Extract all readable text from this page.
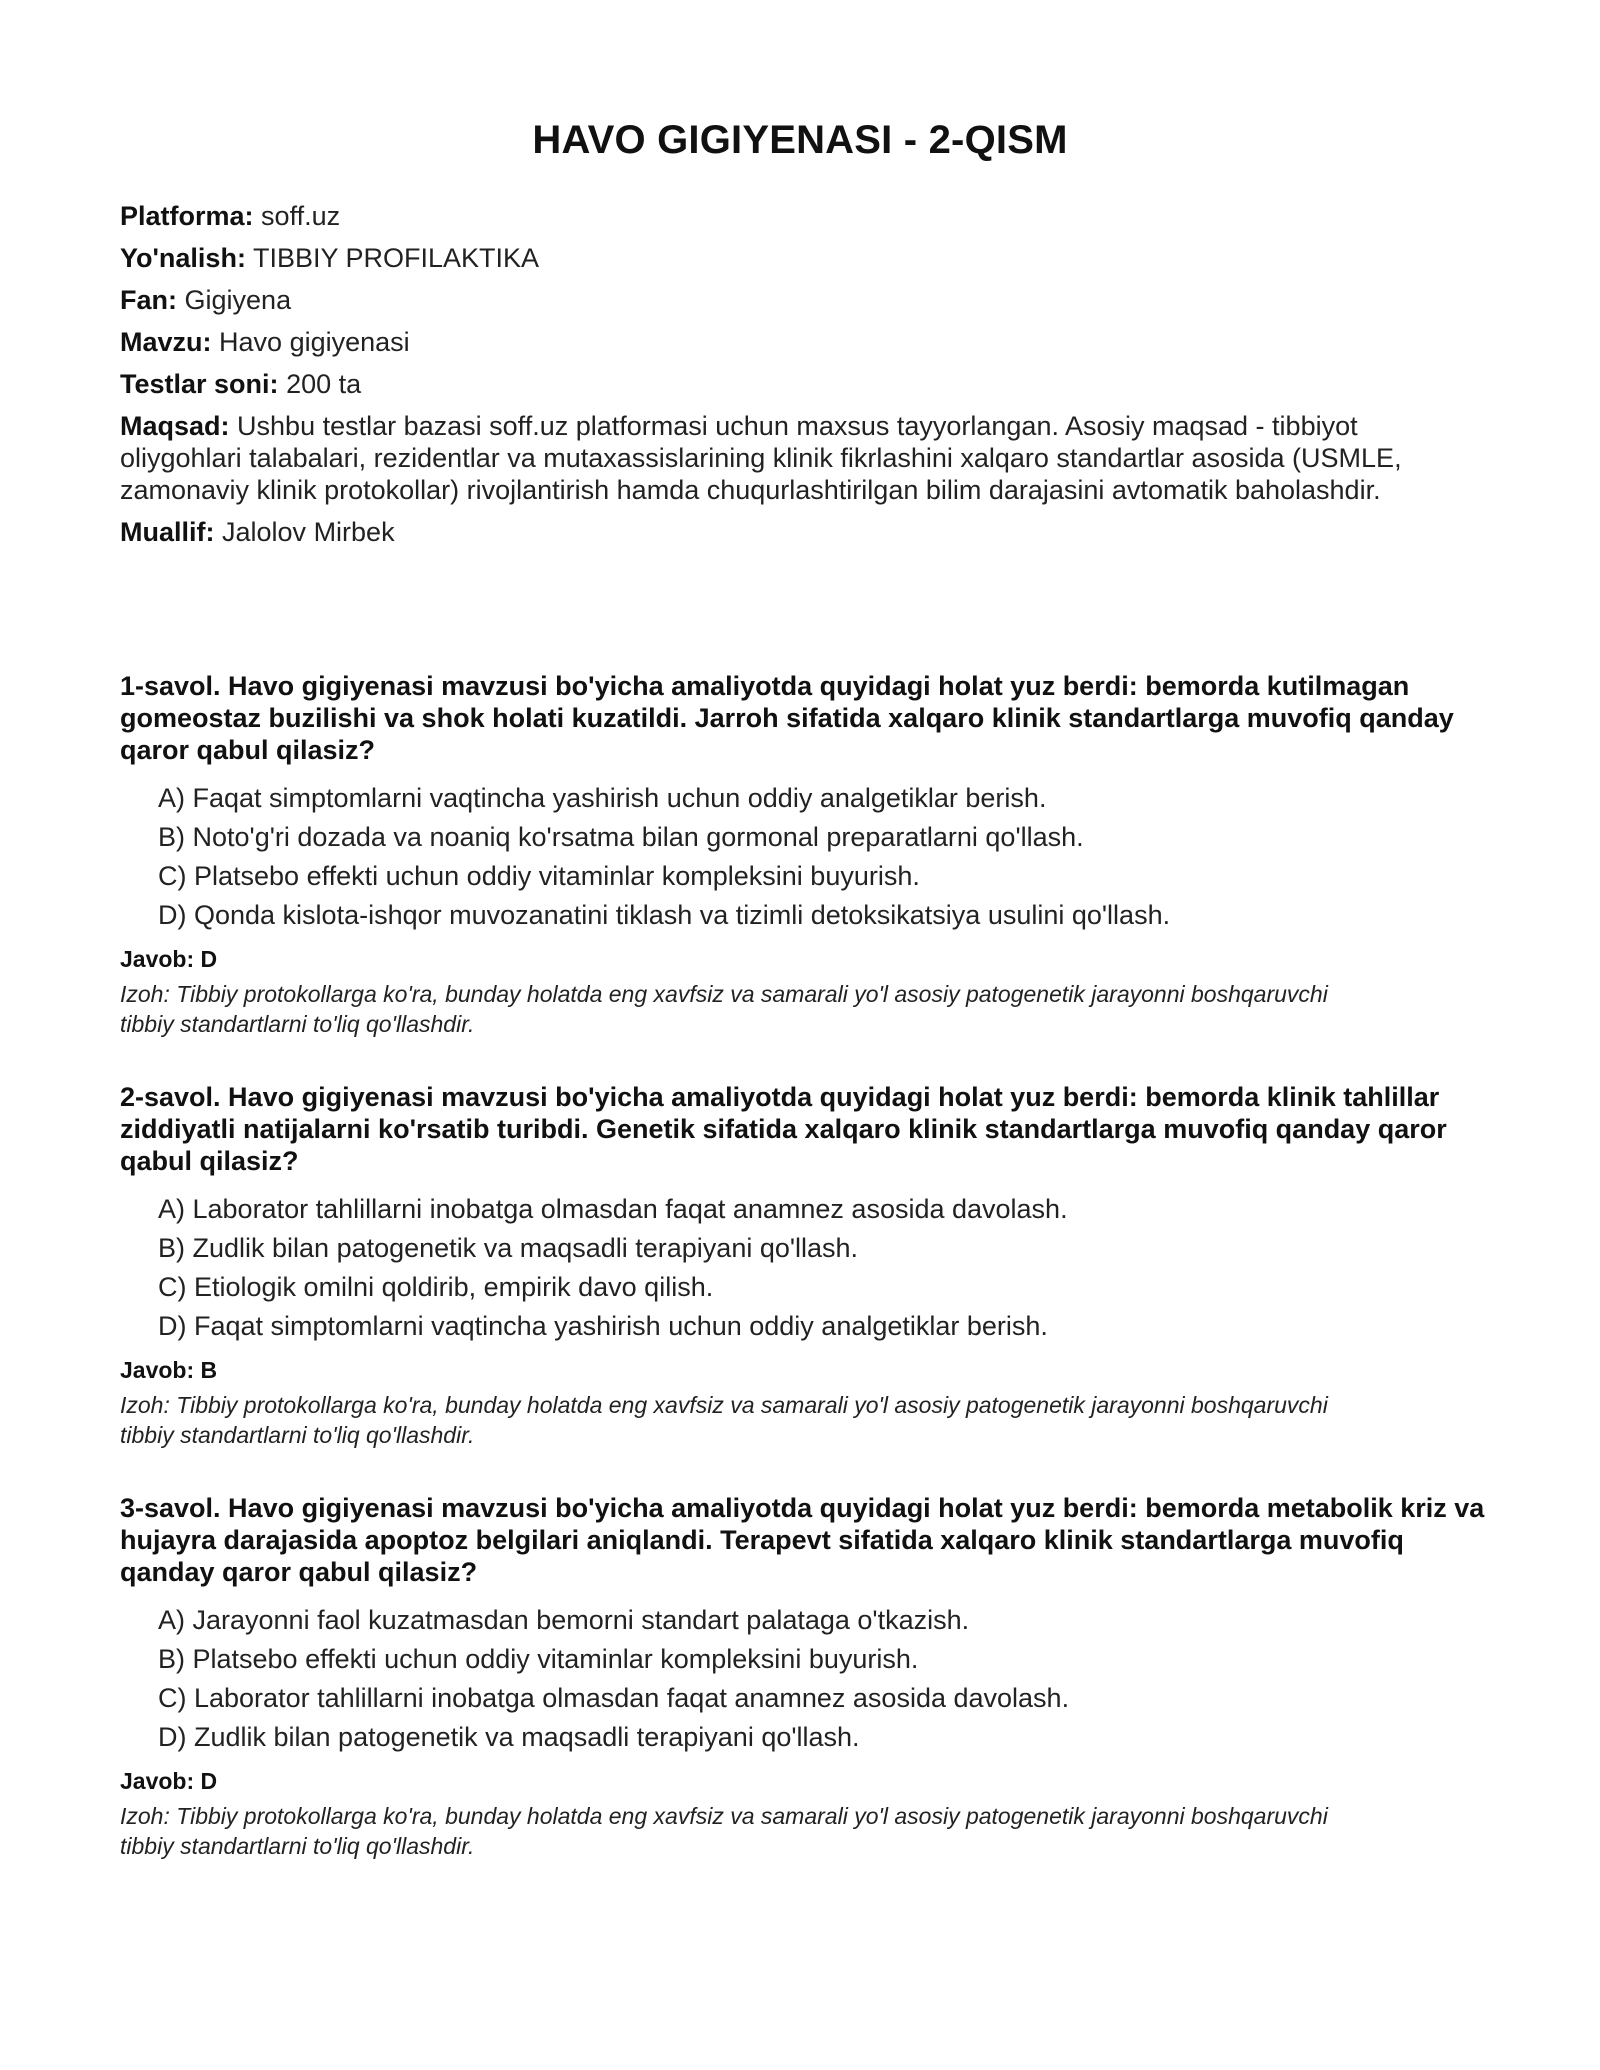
HAVO GIGIYENASI - 2-QISM

Platforma: soff.uz

Yo'nalish: TIBBIY PROFILAKTIKA

Fan: Gigiyena

Mavzu: Havo gigiyenasi

Testlar soni: 200 ta

Maqsad: Ushbu testlar bazasi soff.uz platformasi uchun maxsus tayyorlangan. Asosiy maqsad - tibbiyot oliygohlari talabalari, rezidentlar va mutaxassislarining klinik fikrlashini xalqaro standartlar asosida (USMLE, zamonaviy klinik protokollar) rivojlantirish hamda chuqurlashtirilgan bilim darajasini avtomatik baholashdir.

Muallif: Jalolov Mirbek

1-savol. Havo gigiyenasi mavzusi bo'yicha amaliyotda quyidagi holat yuz berdi: bemorda kutilmagan gomeostaz buzilishi va shok holati kuzatildi. Jarroh sifatida xalqaro klinik standartlarga muvofiq qanday qaror qabul qilasiz?

A) Faqat simptomlarni vaqtincha yashirish uchun oddiy analgetiklar berish.
B) Noto'g'ri dozada va noaniq ko'rsatma bilan gormonal preparatlarni qo'llash.
C) Platsebo effekti uchun oddiy vitaminlar kompleksini buyurish.
D) Qonda kislota-ishqor muvozanatini tiklash va tizimli detoksikatsiya usulini qo'llash.

Javob: D

Izoh: Tibbiy protokollarga ko'ra, bunday holatda eng xavfsiz va samarali yo'l asosiy patogenetik jarayonni boshqaruvchi tibbiy standartlarni to'liq qo'llashdir.

2-savol. Havo gigiyenasi mavzusi bo'yicha amaliyotda quyidagi holat yuz berdi: bemorda klinik tahlillar ziddiyatli natijalarni ko'rsatib turibdi. Genetik sifatida xalqaro klinik standartlarga muvofiq qanday qaror qabul qilasiz?

A) Laborator tahlillarni inobatga olmasdan faqat anamnez asosida davolash.
B) Zudlik bilan patogenetik va maqsadli terapiyani qo'llash.
C) Etiologik omilni qoldirib, empirik davo qilish.
D) Faqat simptomlarni vaqtincha yashirish uchun oddiy analgetiklar berish.

Javob: B

Izoh: Tibbiy protokollarga ko'ra, bunday holatda eng xavfsiz va samarali yo'l asosiy patogenetik jarayonni boshqaruvchi tibbiy standartlarni to'liq qo'llashdir.

3-savol. Havo gigiyenasi mavzusi bo'yicha amaliyotda quyidagi holat yuz berdi: bemorda metabolik kriz va hujayra darajasida apoptoz belgilari aniqlandi. Terapevt sifatida xalqaro klinik standartlarga muvofiq qanday qaror qabul qilasiz?

A) Jarayonni faol kuzatmasdan bemorni standart palataga o'tkazish.
B) Platsebo effekti uchun oddiy vitaminlar kompleksini buyurish.
C) Laborator tahlillarni inobatga olmasdan faqat anamnez asosida davolash.
D) Zudlik bilan patogenetik va maqsadli terapiyani qo'llash.

Javob: D

Izoh: Tibbiy protokollarga ko'ra, bunday holatda eng xavfsiz va samarali yo'l asosiy patogenetik jarayonni boshqaruvchi tibbiy standartlarni to'liq qo'llashdir.
